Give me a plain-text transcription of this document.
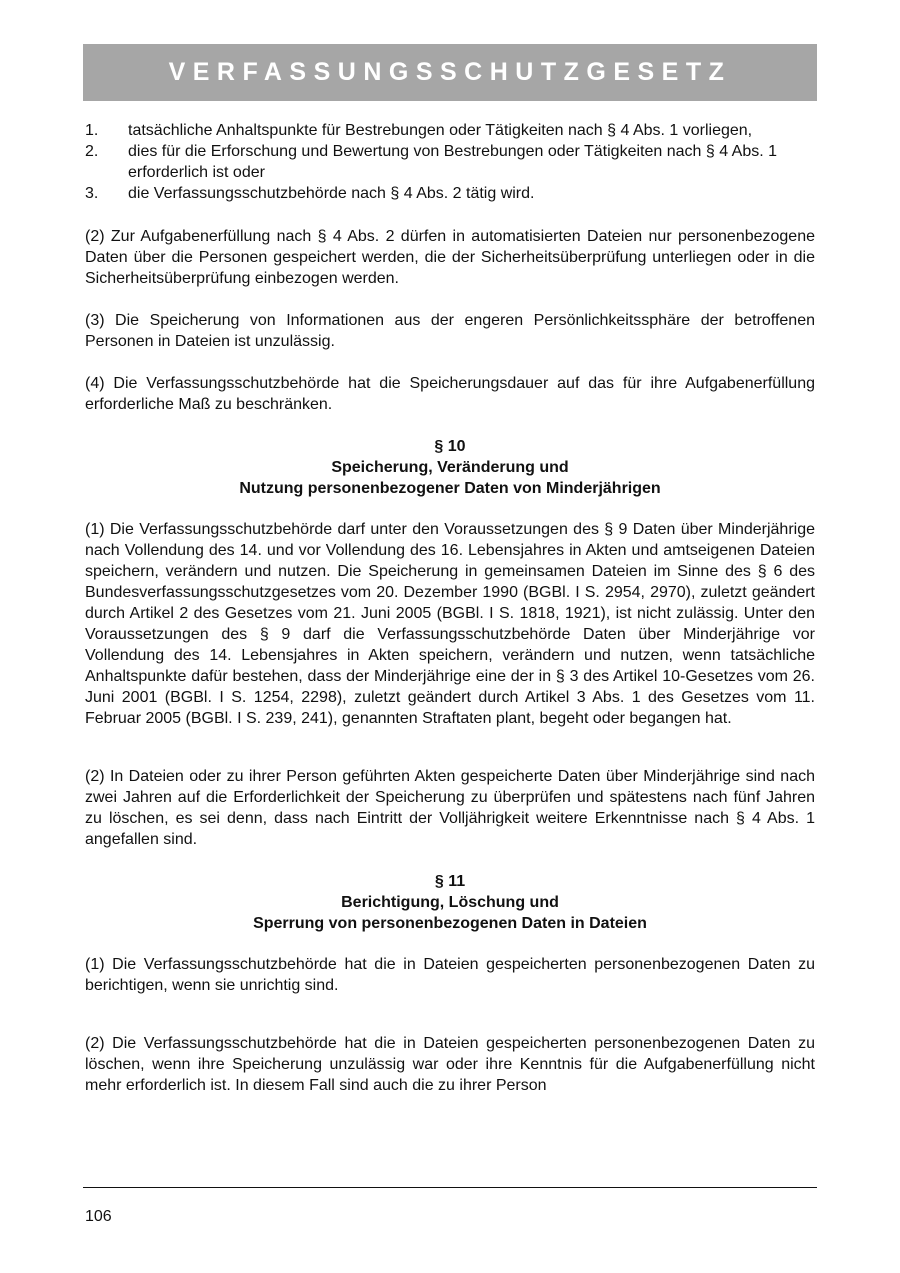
VERFASSUNGSSCHUTZGESETZ
1.	tatsächliche Anhaltspunkte für Bestrebungen oder Tätigkeiten nach § 4 Abs. 1 vorliegen,
2.	dies für die Erforschung und Bewertung von Bestrebungen oder Tätigkeiten nach § 4 Abs. 1 erforderlich ist oder
3.	die Verfassungsschutzbehörde nach § 4 Abs. 2 tätig wird.

(2) Zur Aufgabenerfüllung nach § 4 Abs. 2 dürfen in automatisierten Dateien nur personenbezogene Daten über die Personen gespeichert werden, die der Sicherheitsüberprüfung unterliegen oder in die Sicherheitsüberprüfung einbezogen werden.

(3) Die Speicherung von Informationen aus der engeren Persönlichkeitssphäre der betroffenen Personen in Dateien ist unzulässig.

(4) Die Verfassungsschutzbehörde hat die Speicherungsdauer auf das für ihre Aufgabenerfüllung erforderliche Maß zu beschränken.

§ 10
Speicherung, Veränderung und
Nutzung personenbezogener Daten von Minderjährigen

(1) Die Verfassungsschutzbehörde darf unter den Voraussetzungen des § 9 Daten über Minderjährige nach Vollendung des 14. und vor Vollendung des 16. Lebensjahres in Akten und amtseigenen Dateien speichern, verändern und nutzen. Die Speicherung in gemeinsamen Dateien im Sinne des § 6 des Bundesverfassungsschutzgesetzes vom 20. Dezember 1990 (BGBl. I S. 2954, 2970), zuletzt geändert durch Artikel 2 des Gesetzes vom 21. Juni 2005 (BGBl. I S. 1818, 1921), ist nicht zulässig. Unter den Voraussetzungen des § 9 darf die Verfassungsschutzbehörde Daten über Minderjährige vor Vollendung des 14. Lebensjahres in Akten speichern, verändern und nutzen, wenn tatsächliche Anhaltspunkte dafür bestehen, dass der Minderjährige eine der in § 3 des Artikel 10-Gesetzes vom 26. Juni 2001 (BGBl. I S. 1254, 2298), zuletzt geändert durch Artikel 3 Abs. 1 des Gesetzes vom 11. Februar 2005 (BGBl. I S. 239, 241), genannten Straftaten plant, begeht oder begangen hat.

(2) In Dateien oder zu ihrer Person geführten Akten gespeicherte Daten über Minderjährige sind nach zwei Jahren auf die Erforderlichkeit der Speicherung zu überprüfen und spätestens nach fünf Jahren zu löschen, es sei denn, dass nach Eintritt der Volljährigkeit weitere Erkenntnisse nach § 4 Abs. 1 angefallen sind.

§ 11
Berichtigung, Löschung und
Sperrung von personenbezogenen Daten in Dateien

(1) Die Verfassungsschutzbehörde hat die in Dateien gespeicherten personenbezogenen Daten zu berichtigen, wenn sie unrichtig sind.

(2) Die Verfassungsschutzbehörde hat die in Dateien gespeicherten personenbezogenen Daten zu löschen, wenn ihre Speicherung unzulässig war oder ihre Kenntnis für die Aufgabenerfüllung nicht mehr erforderlich ist. In diesem Fall sind auch die zu ihrer Person

106
